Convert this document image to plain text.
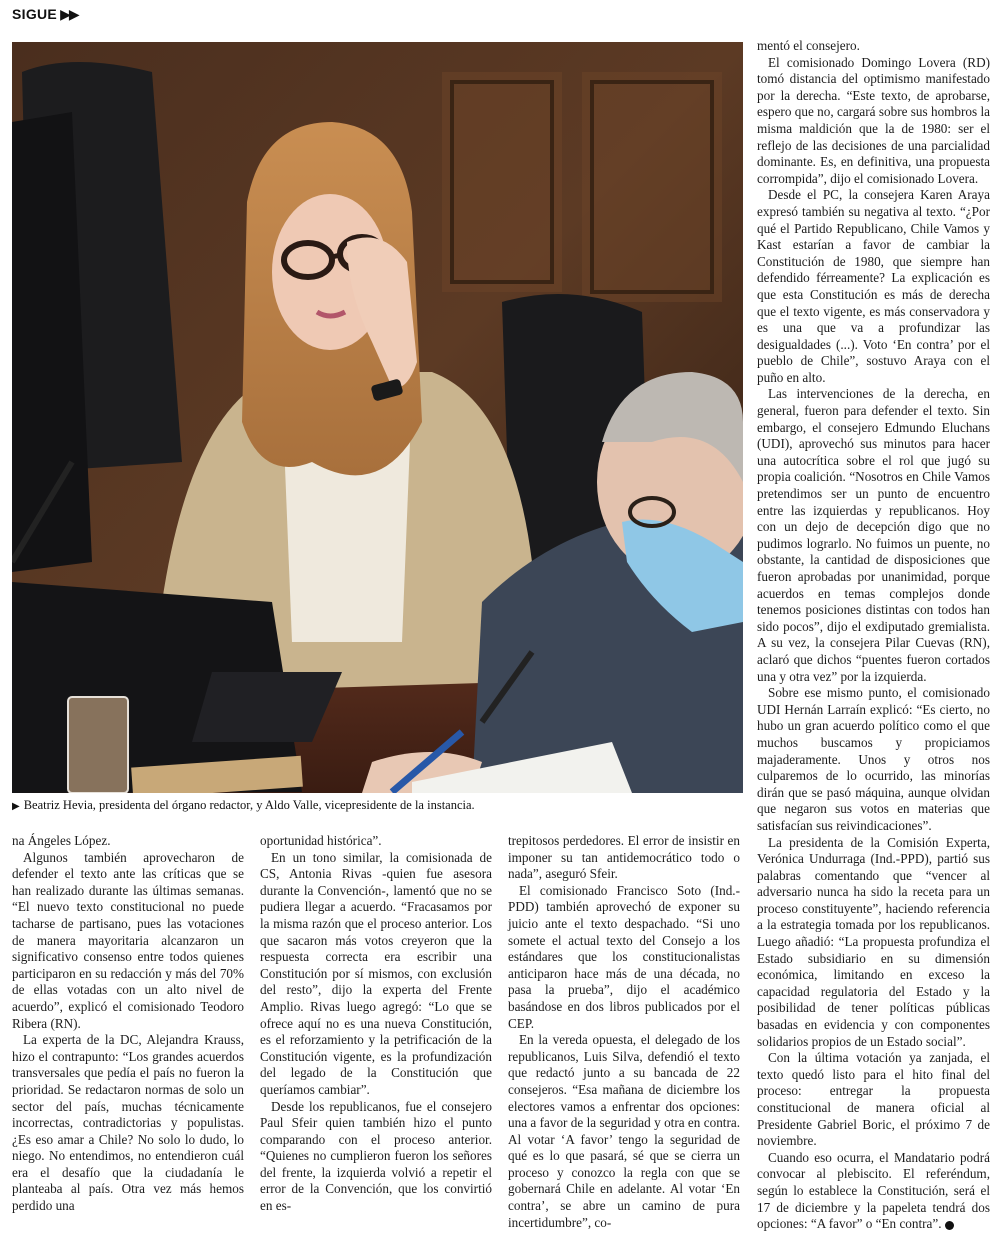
SIGUE ▶▶
▶ Beatriz Hevia, presidenta del órgano redactor, y Aldo Valle, vicepresidente de la instancia.

mentó el consejero.

El comisionado Domingo Lovera (RD) tomó distancia del optimismo manifestado por la derecha. “Este texto, de aprobarse, espero que no, cargará sobre sus hombros la misma maldición que la de 1980: ser el reflejo de las decisiones de una parcialidad dominante. Es, en definitiva, una propuesta corrompida”, dijo el comisionado Lovera.

Desde el PC, la consejera Karen Araya expresó también su negativa al texto. “¿Por qué el Partido Republicano, Chile Vamos y Kast estarían a favor de cambiar la Constitución de 1980, que siempre han defendido férreamente? La explicación es que esta Constitución es más de derecha que el texto vigente, es más conservadora y es una que va a profundizar las desigualdades (...). Voto ‘En contra’ por el pueblo de Chile”, sostuvo Araya con el puño en alto.

Las intervenciones de la derecha, en general, fueron para defender el texto. Sin embargo, el consejero Edmundo Eluchans (UDI), aprovechó sus minutos para hacer una autocrítica sobre el rol que jugó su propia coalición. “Nosotros en Chile Vamos pretendimos ser un punto de encuentro entre las izquierdas y republicanos. Hoy con un dejo de decepción digo que no pudimos lograrlo. No fuimos un puente, no obstante, la cantidad de disposiciones que fueron aprobadas por unanimidad, porque acuerdos en temas complejos donde tenemos posiciones distintas con todos han sido pocos”, dijo el exdiputado gremialista. A su vez, la consejera Pilar Cuevas (RN), aclaró que dichos “puentes fueron cortados una y otra vez” por la izquierda.

Sobre ese mismo punto, el comisionado UDI Hernán Larraín explicó: “Es cierto, no hubo un gran acuerdo político como el que muchos buscamos y propiciamos majaderamente. Unos y otros nos culparemos de lo ocurrido, las minorías dirán que se pasó máquina, aunque olvidan que negaron sus votos en materias que satisfacían sus reivindicaciones”.

La presidenta de la Comisión Experta, Verónica Undurraga (Ind.-PPD), partió sus palabras comentando que “vencer al adversario nunca ha sido la receta para un proceso constituyente”, haciendo referencia a la estrategia tomada por los republicanos. Luego añadió: “La propuesta profundiza el Estado subsidiario en su dimensión económica, limitando en exceso la capacidad regulatoria del Estado y la posibilidad de tener políticas públicas basadas en evidencia y con componentes solidarios propios de un Estado social”.

Con la última votación ya zanjada, el texto quedó listo para el hito final del proceso: entregar la propuesta constitucional de manera oficial al Presidente Gabriel Boric, el próximo 7 de noviembre.

Cuando eso ocurra, el Mandatario podrá convocar al plebiscito. El referéndum, según lo establece la Constitución, será el 17 de diciembre y la papeleta tendrá dos opciones: “A favor” o “En contra”.

na Ángeles López.

Algunos también aprovecharon de defender el texto ante las críticas que se han realizado durante las últimas semanas. “El nuevo texto constitucional no puede tacharse de partisano, pues las votaciones de manera mayoritaria alcanzaron un significativo consenso entre todos quienes participaron en su redacción y más del 70% de ellas votadas con un alto nivel de acuerdo”, explicó el comisionado Teodoro Ribera (RN).

La experta de la DC, Alejandra Krauss, hizo el contrapunto: “Los grandes acuerdos transversales que pedía el país no fueron la prioridad. Se redactaron normas de solo un sector del país, muchas técnicamente incorrectas, contradictorias y populistas. ¿Es eso amar a Chile? No solo lo dudo, lo niego. No entendimos, no entendieron cuál era el desafío que la ciudadanía le planteaba al país. Otra vez más hemos perdido una

oportunidad histórica”.

En un tono similar, la comisionada de CS, Antonia Rivas -quien fue asesora durante la Convención-, lamentó que no se pudiera llegar a acuerdo. “Fracasamos por la misma razón que el proceso anterior. Los que sacaron más votos creyeron que la respuesta correcta era escribir una Constitución por sí mismos, con exclusión del resto”, dijo la experta del Frente Amplio. Rivas luego agregó: “Lo que se ofrece aquí no es una nueva Constitución, es el reforzamiento y la petrificación de la Constitución vigente, es la profundización del legado de la Constitución que queríamos cambiar”.

Desde los republicanos, fue el consejero Paul Sfeir quien también hizo el punto comparando con el proceso anterior. “Quienes no cumplieron fueron los señores del frente, la izquierda volvió a repetir el error de la Convención, que los convirtió en es-

trepitosos perdedores. El error de insistir en imponer su tan antidemocrático todo o nada”, aseguró Sfeir.

El comisionado Francisco Soto (Ind.-PDD) también aprovechó de exponer su juicio ante el texto despachado. “Si uno somete el actual texto del Consejo a los estándares que los constitucionalistas anticiparon hace más de una década, no pasa la prueba”, dijo el académico basándose en dos libros publicados por el CEP.

En la vereda opuesta, el delegado de los republicanos, Luis Silva, defendió el texto que redactó junto a su bancada de 22 consejeros. “Esa mañana de diciembre los electores vamos a enfrentar dos opciones: una a favor de la seguridad y otra en contra. Al votar ‘A favor’ tengo la seguridad de qué es lo que pasará, sé que se cierra un proceso y conozco la regla con que se gobernará Chile en adelante. Al votar ‘En contra’, se abre un camino de pura incertidumbre”, co-
